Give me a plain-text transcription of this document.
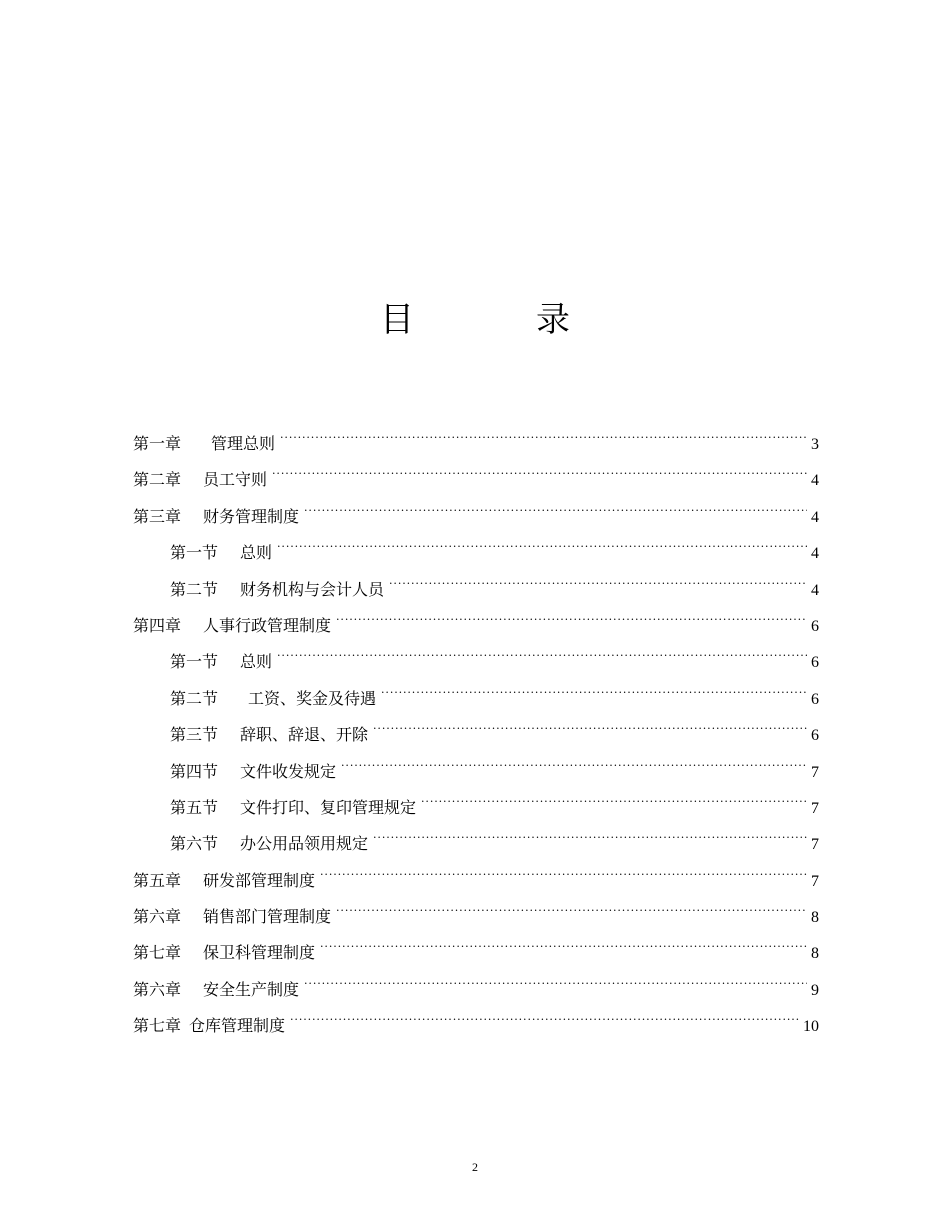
目　录
第一章 管理总则 .....	3
第二章 员工守则 .....	4
第三章 财务管理制度 .....	4
第一节 总则 .....	4
第二节 财务机构与会计人员 .....	4
第四章 人事行政管理制度 .....	6
第一节 总则 .....	6
第二节 工资、奖金及待遇 .....	6
第三节 辞职、辞退、开除 .....	6
第四节 文件收发规定 .....	7
第五节 文件打印、复印管理规定 .....	7
第六节 办公用品领用规定 .....	7
第五章 研发部管理制度 .....	7
第六章 销售部门管理制度 .....	8
第七章 保卫科管理制度 .....	8
第六章 安全生产制度 .....	9
第七章 仓库管理制度 .....	10
2
